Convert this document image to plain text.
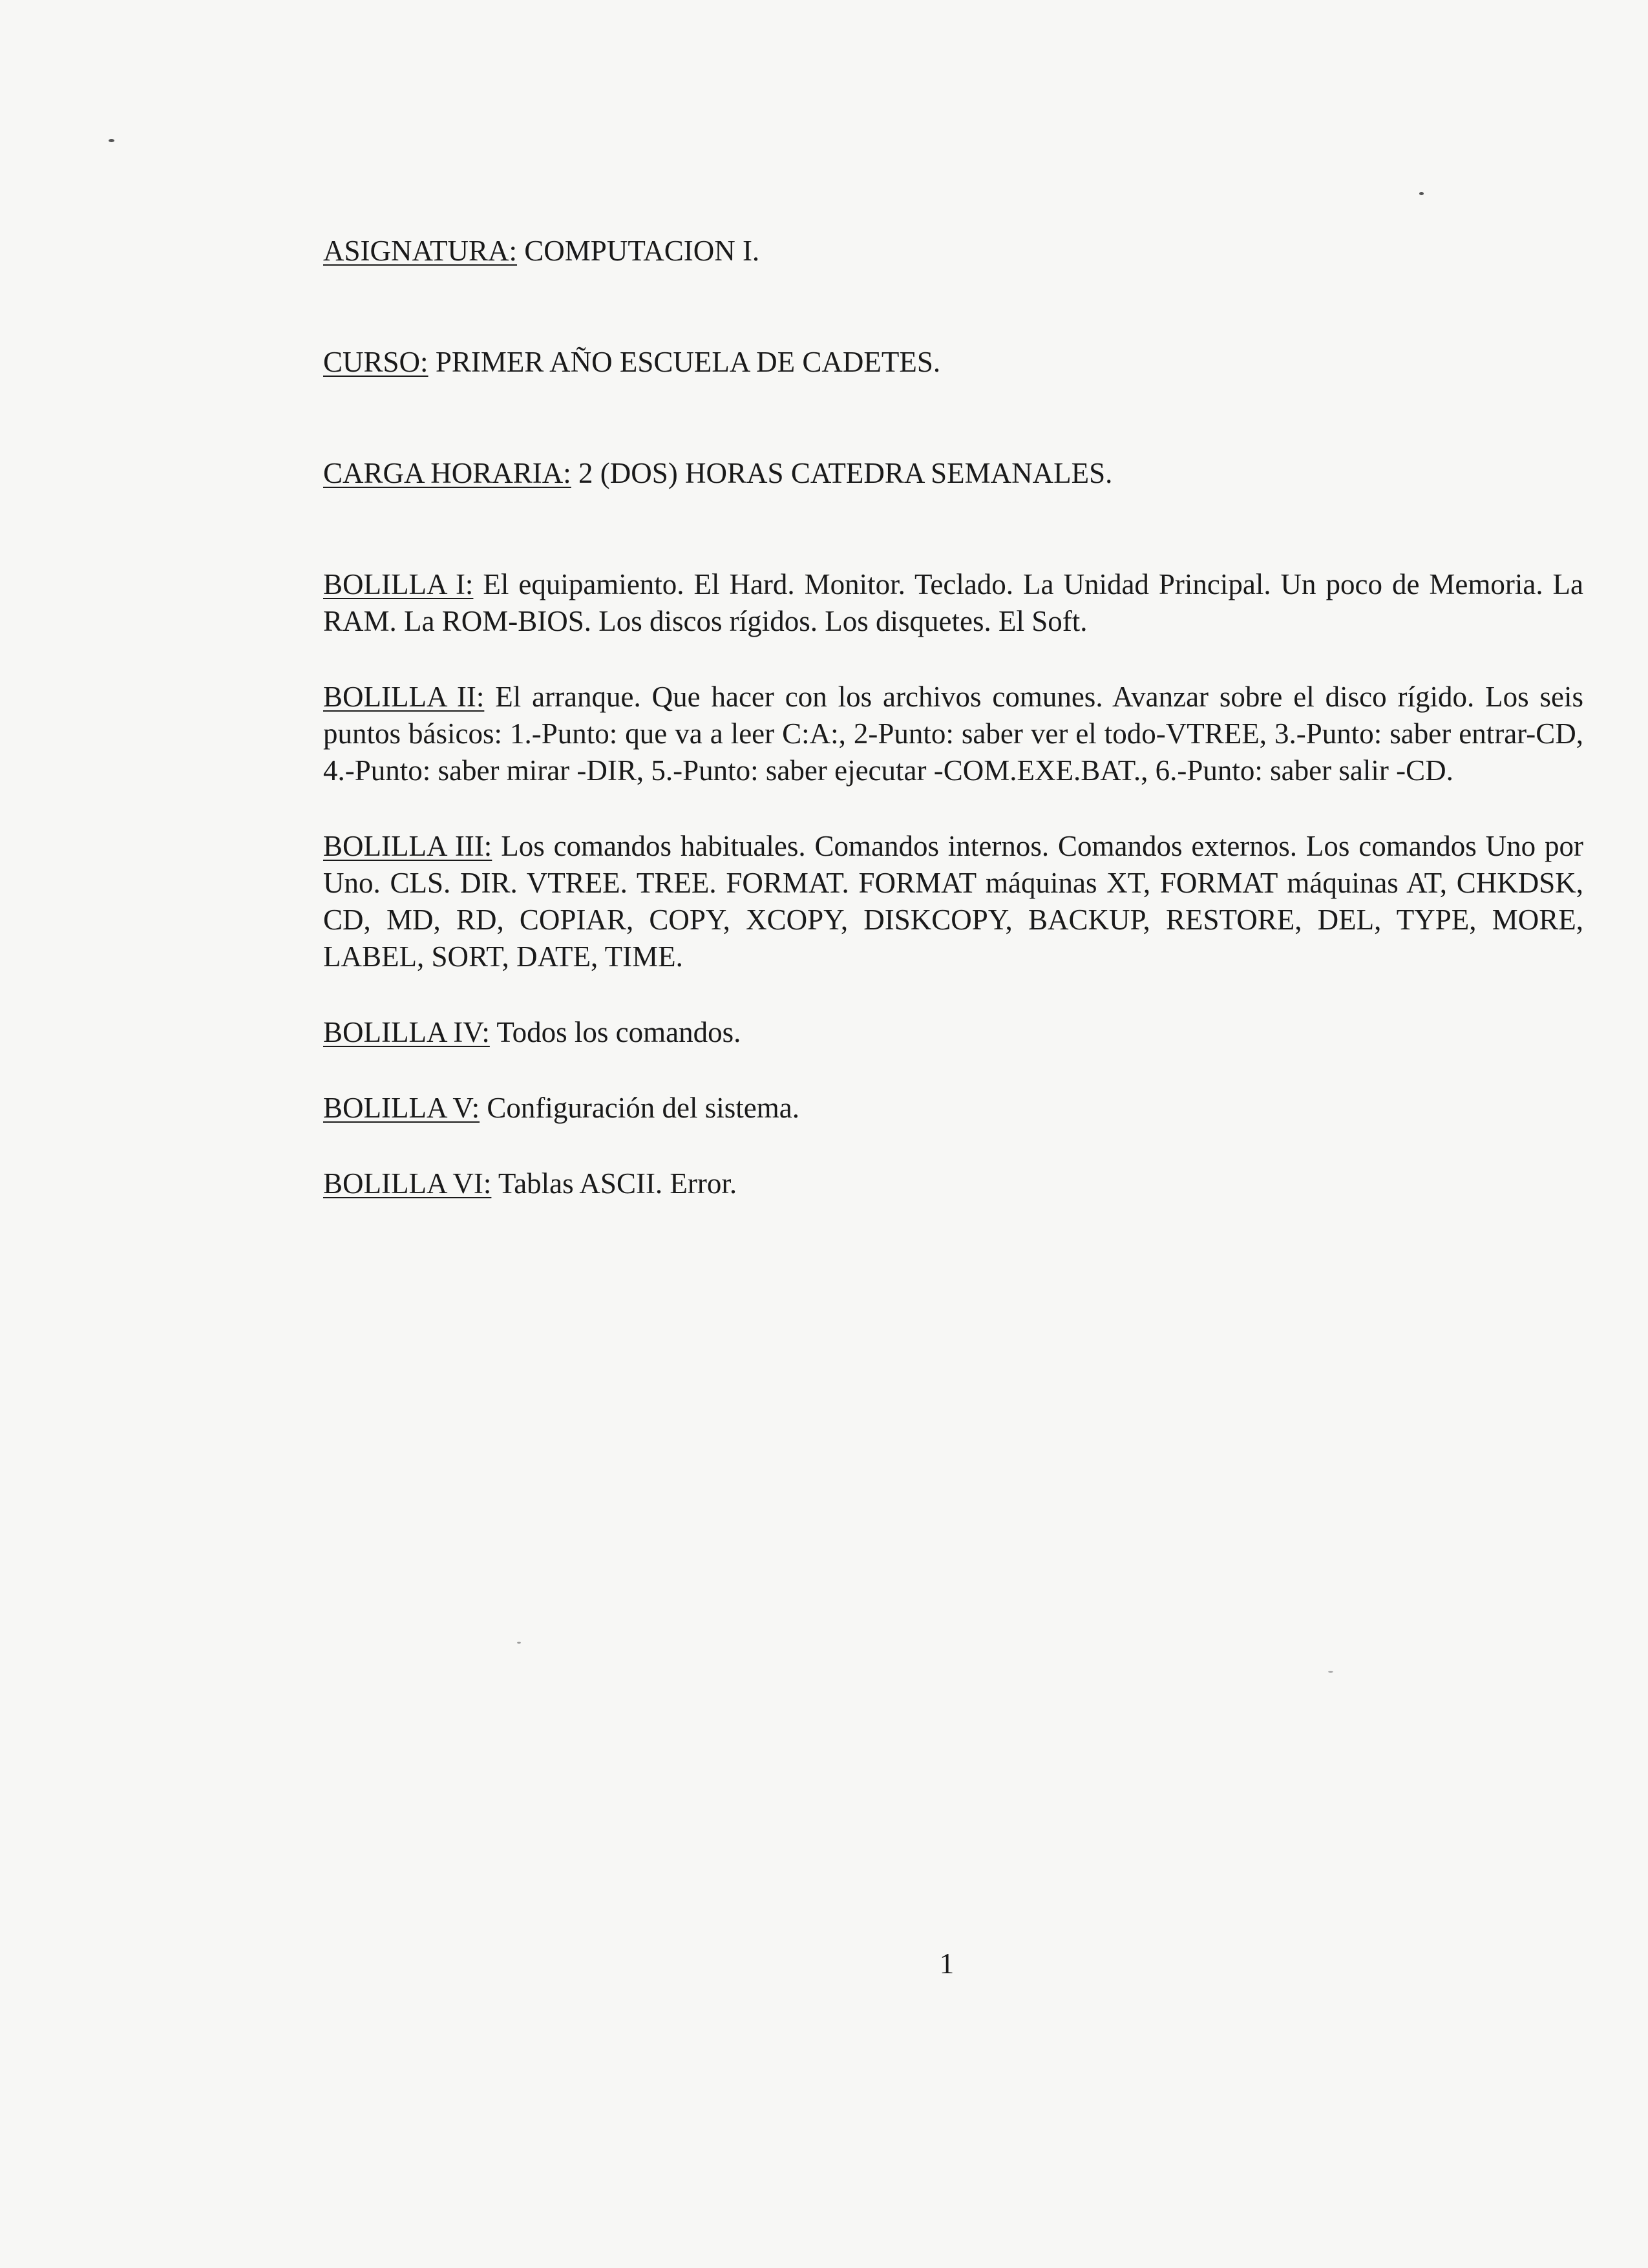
ASIGNATURA: COMPUTACION I.

CURSO: PRIMER AÑO ESCUELA DE CADETES.

CARGA HORARIA: 2 (DOS) HORAS CATEDRA SEMANALES.

BOLILLA I: El equipamiento. El Hard. Monitor. Teclado. La Unidad Principal. Un poco de Memoria. La RAM. La ROM-BIOS. Los discos rígidos. Los disquetes. El Soft.

BOLILLA II: El arranque. Que hacer con los archivos comunes. Avanzar sobre el disco rígido. Los seis puntos básicos: 1.-Punto: que va a leer C:A:, 2-Punto: saber ver el todo-VTREE, 3.-Punto: saber entrar-CD, 4.-Punto: saber mirar -DIR, 5.-Punto: saber ejecutar -COM.EXE.BAT., 6.-Punto: saber salir -CD.

BOLILLA III: Los comandos habituales. Comandos internos. Comandos externos. Los comandos Uno por Uno. CLS. DIR. VTREE. TREE. FORMAT. FORMAT máquinas XT, FORMAT máquinas AT, CHKDSK, CD, MD, RD, COPIAR, COPY, XCOPY, DISKCOPY, BACKUP, RESTORE, DEL, TYPE, MORE, LABEL, SORT, DATE, TIME.

BOLILLA IV: Todos los comandos.

BOLILLA V: Configuración del sistema.

BOLILLA VI: Tablas ASCII. Error.

1
